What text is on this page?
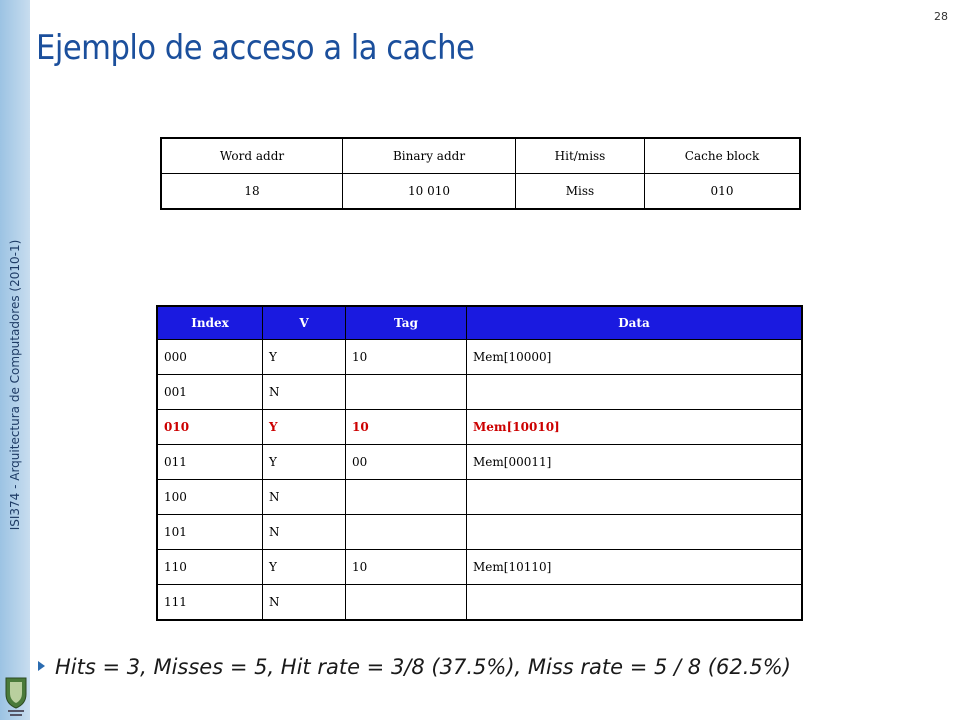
ISI374 - Arquitectura de Computadores (2010-1)
28
Ejemplo de acceso a la cache
Word addr	Binary addr	Hit/miss	Cache block
18	10 010	Miss	010
Index	V	Tag	Data
000	Y	10	Mem[10000]
001	N		
010	Y	10	Mem[10010]
011	Y	00	Mem[00011]
100	N		
101	N		
110	Y	10	Mem[10110]
111	N		
Hits = 3, Misses = 5, Hit rate = 3/8 (37.5%), Miss rate = 5 / 8 (62.5%)
